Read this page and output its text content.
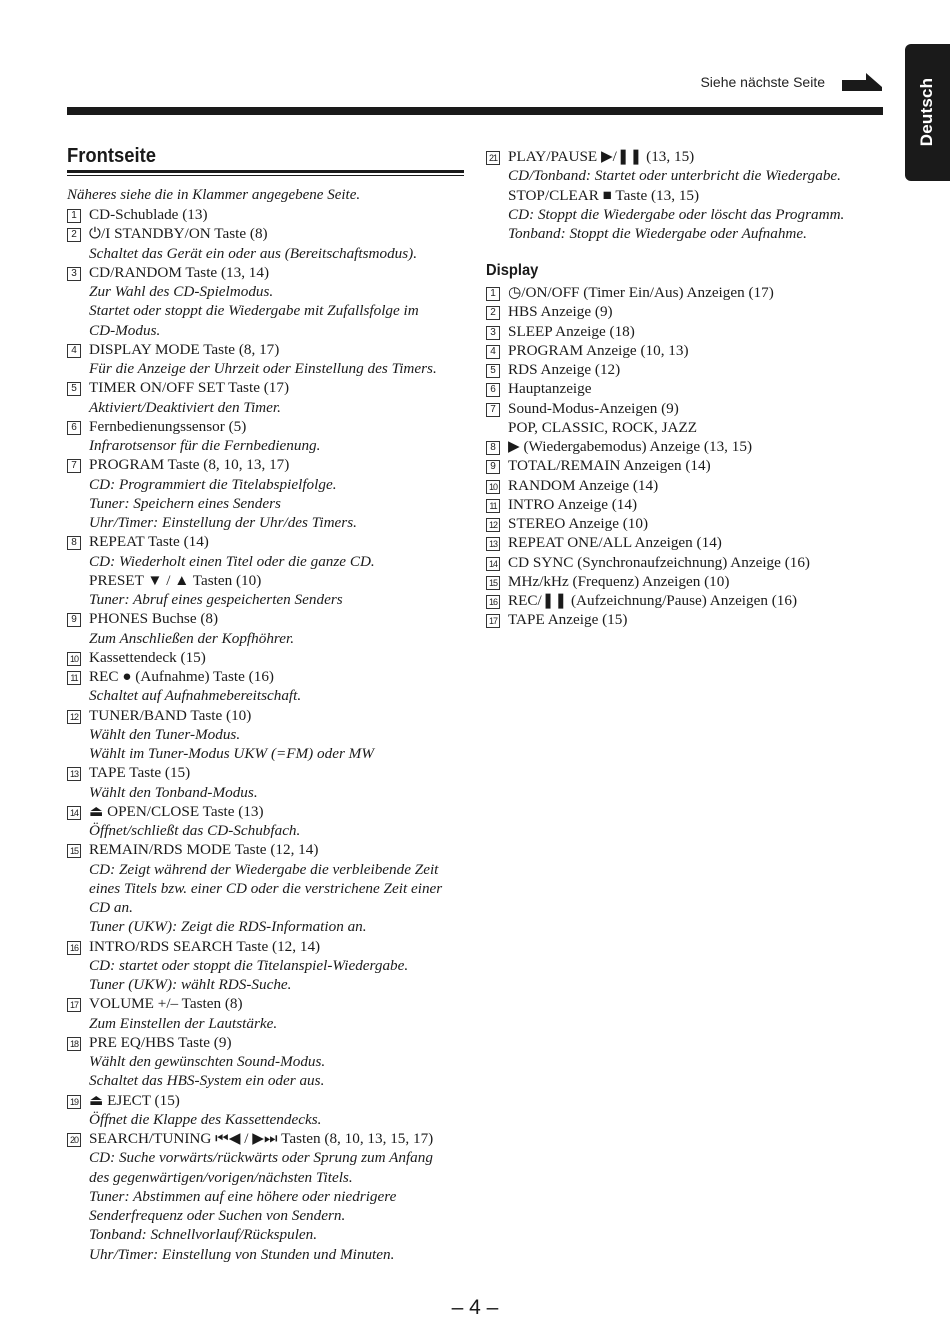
Siehe nächste Seite	Deutsch
Frontseite
Näheres siehe die in Klammer angegebene Seite.
1 CD-Schublade (13)
2 ⏻/I STANDBY/ON Taste (8)
Schaltet das Gerät ein oder aus (Bereitschaftsmodus).
3 CD/RANDOM Taste (13, 14)
Zur Wahl des CD-Spielmodus.
Startet oder stoppt die Wiedergabe mit Zufallsfolge im
CD-Modus.
4 DISPLAY MODE Taste (8, 17)
Für die Anzeige der Uhrzeit oder Einstellung des Timers.
5 TIMER ON/OFF SET Taste (17)
Aktiviert/Deaktiviert den Timer.
6 Fernbedienungssensor (5)
Infrarotsensor für die Fernbedienung.
7 PROGRAM Taste (8, 10, 13, 17)
CD: Programmiert die Titelabspielfolge.
Tuner: Speichern eines Senders
Uhr/Timer: Einstellung der Uhr/des Timers.
8 REPEAT Taste (14)
CD: Wiederholt einen Titel oder die ganze CD.
PRESET ▼ / ▲ Tasten (10)
Tuner: Abruf eines gespeicherten Senders
9 PHONES Buchse (8)
Zum Anschließen der Kopfhöhrer.
10 Kassettendeck (15)
11 REC ● (Aufnahme) Taste (16)
Schaltet auf Aufnahmebereitschaft.
12 TUNER/BAND Taste (10)
Wählt den Tuner-Modus.
Wählt im Tuner-Modus UKW (=FM) oder MW
13 TAPE Taste (15)
Wählt den Tonband-Modus.
14 ⏏ OPEN/CLOSE Taste (13)
Öffnet/schließt das CD-Schubfach.
15 REMAIN/RDS MODE Taste (12, 14)
CD: Zeigt während der Wiedergabe die verbleibende Zeit
eines Titels bzw. einer CD oder die verstrichene Zeit einer
CD an.
Tuner (UKW): Zeigt die RDS-Information an.
16 INTRO/RDS SEARCH Taste (12, 14)
CD: startet oder stoppt die Titelanspiel-Wiedergabe.
Tuner (UKW): wählt RDS-Suche.
17 VOLUME +/– Tasten (8)
Zum Einstellen der Lautstärke.
18 PRE EQ/HBS Taste (9)
Wählt den gewünschten Sound-Modus.
Schaltet das HBS-System ein oder aus.
19 ⏏ EJECT (15)
Öffnet die Klappe des Kassettendecks.
20 SEARCH/TUNING ⏮◀ / ▶⏭ Tasten (8, 10, 13, 15, 17)
CD: Suche vorwärts/rückwärts oder Sprung zum Anfang
des gegenwärtigen/vorigen/nächsten Titels.
Tuner: Abstimmen auf eine höhere oder niedrigere
Senderfrequenz oder Suchen von Sendern.
Tonband: Schnellvorlauf/Rückspulen.
Uhr/Timer: Einstellung von Stunden und Minuten.
21 PLAY/PAUSE ▶/❚❚ (13, 15)
CD/Tonband: Startet oder unterbricht die Wiedergabe.
STOP/CLEAR ■ Taste (13, 15)
CD: Stoppt die Wiedergabe oder löscht das Programm.
Tonband: Stoppt die Wiedergabe oder Aufnahme.
Display
1 ◷/ON/OFF (Timer Ein/Aus) Anzeigen (17)
2 HBS Anzeige (9)
3 SLEEP Anzeige (18)
4 PROGRAM Anzeige (10, 13)
5 RDS Anzeige (12)
6 Hauptanzeige
7 Sound-Modus-Anzeigen (9)
POP, CLASSIC, ROCK, JAZZ
8 ▶ (Wiedergabemodus) Anzeige (13, 15)
9 TOTAL/REMAIN Anzeigen (14)
10 RANDOM Anzeige (14)
11 INTRO Anzeige (14)
12 STEREO Anzeige (10)
13 REPEAT ONE/ALL Anzeigen (14)
14 CD SYNC (Synchronaufzeichnung) Anzeige (16)
15 MHz/kHz (Frequenz) Anzeigen (10)
16 REC/❚❚ (Aufzeichnung/Pause) Anzeigen (16)
17 TAPE Anzeige (15)
– 4 –
